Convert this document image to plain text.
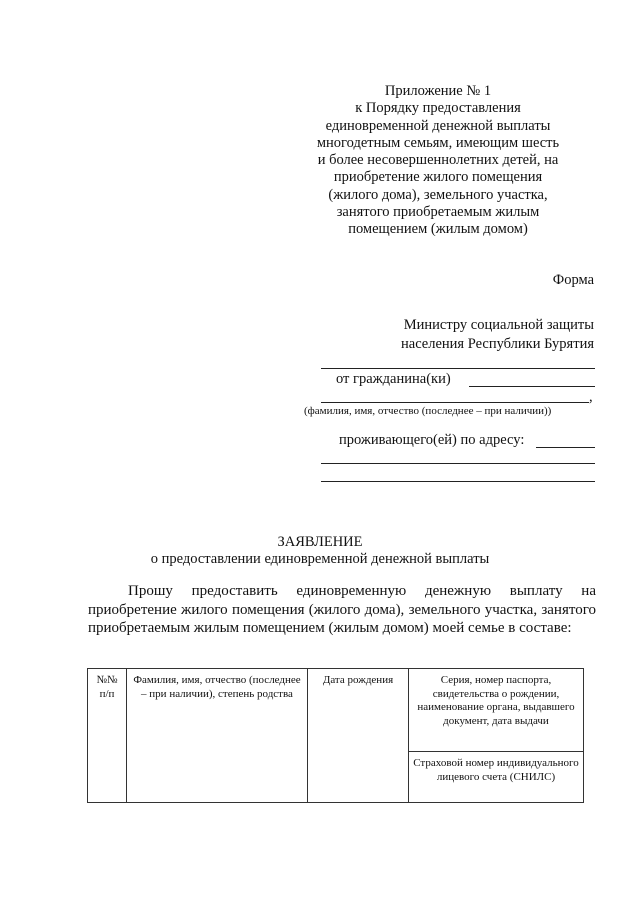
Приложение № 1
к Порядку предоставления
единовременной денежной выплаты
многодетным семьям, имеющим шесть
и более несовершеннолетних детей, на
приобретение жилого помещения
(жилого дома), земельного участка,
занятого приобретаемым жилым
помещением (жилым домом)
Форма
Министру социальной защиты
населения Республики Бурятия
от гражданина(ки)
,
(фамилия, имя, отчество (последнее – при наличии))
проживающего(ей) по адресу:
ЗАЯВЛЕНИЕ
о предоставлении единовременной денежной выплаты
Прошу предоставить единовременную денежную выплату на приобретение жилого помещения (жилого дома), земельного участка, занятого приобретаемым жилым помещением (жилым домом) моей семье в составе:
№№ п/п	Фамилия, имя, отчество (последнее – при наличии), степень родства	Дата рождения	Серия, номер паспорта, свидетельства о рождении, наименование органа, выдавшего документ, дата выдачи
Страховой номер индивидуального лицевого счета (СНИЛС)
